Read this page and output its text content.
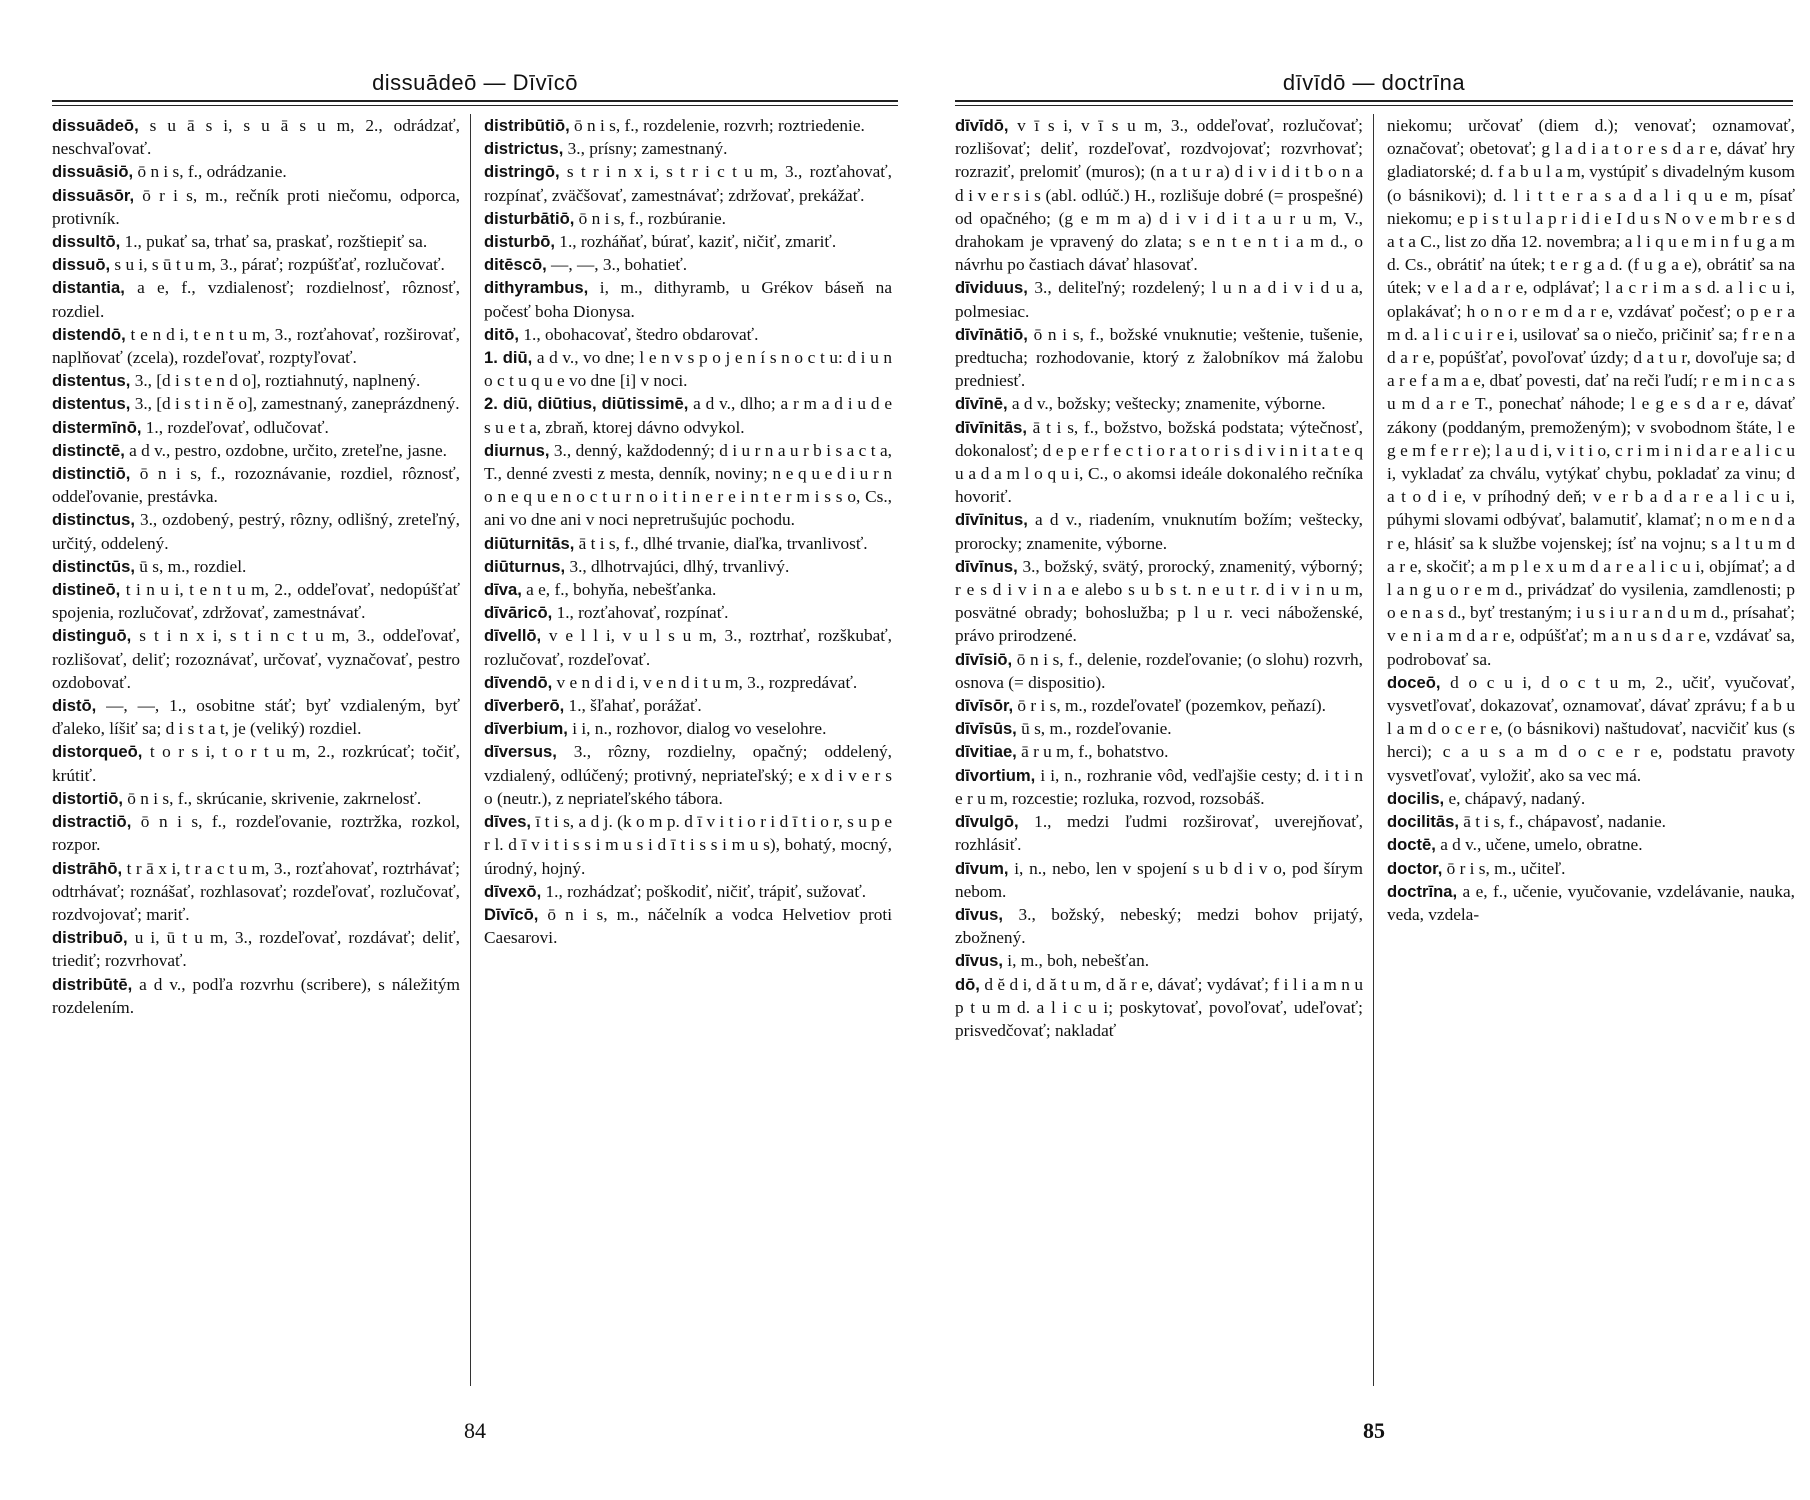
dissuādeō — Dīvīcō

dissuādeō, s u ā s i, s u ā s u m, 2., odrádzať, neschvaľovať.

dissuāsiō, ō n i s, f., odrádzanie.

dissuāsōr, ō r i s, m., rečník proti niečomu, odporca, protivník.

dissultō, 1., pukať sa, trhať sa, praskať, rozštiepiť sa.

dissuō, s u i, s ū t u m, 3., párať; rozpúšťať, rozlučovať.

distantia, a e, f., vzdialenosť; rozdielnosť, rôznosť, rozdiel.

distendō, t e n d i, t e n t u m, 3., rozťahovať, rozširovať, naplňovať (zcela), rozdeľovať, rozptyľovať.

distentus, 3., [d i s t e n d o], roztiahnutý, naplnený.

distentus, 3., [d i s t i n ĕ o], zamestnaný, zaneprázdnený.

distermīnō, 1., rozdeľovať, odlučovať.

distinctē, a d v., pestro, ozdobne, určito, zreteľne, jasne.

distinctiō, ō n i s, f., rozoznávanie, rozdiel, rôznosť, oddeľovanie, prestávka.

distinctus, 3., ozdobený, pestrý, rôzny, odlišný, zreteľný, určitý, oddelený.

distinctūs, ū s, m., rozdiel.

distineō, t i n u i, t e n t u m, 2., oddeľovať, nedopúšťať spojenia, rozlučovať, zdržovať, zamestnávať.

distinguō, s t i n x i, s t i n c t u m, 3., oddeľovať, rozlišovať, deliť; rozoznávať, určovať, vyznačovať, pestro ozdobovať.

distō, —, —, 1., osobitne stáť; byť vzdialeným, byť ďaleko, líšiť sa; d i s t a t, je (veliký) rozdiel.

distorqueō, t o r s i, t o r t u m, 2., rozkrúcať; točiť, krútiť.

distortiō, ō n i s, f., skrúcanie, skrivenie, zakrnelosť.

distractiō, ō n i s, f., rozdeľovanie, roztržka, rozkol, rozpor.

distrāhō, t r ā x i, t r a c t u m, 3., rozťahovať, roztrhávať; odtrhávať; roznášať, rozhlasovať; rozdeľovať, rozlučovať, rozdvojovať; mariť.

distribuō, u i, ū t u m, 3., rozdeľovať, rozdávať; deliť, triediť; rozvrhovať.

distribūtē, a d v., podľa rozvrhu (scribere), s náležitým rozdelením.

distribūtiō, ō n i s, f., rozdelenie, rozvrh; roztriedenie.

districtus, 3., prísny; zamestnaný.

distringō, s t r i n x i, s t r i c t u m, 3., rozťahovať, rozpínať, zväčšovať, zamestnávať; zdržovať, prekážať.

disturbātiō, ō n i s, f., rozbúranie.

disturbō, 1., rozháňať, búrať, kaziť, ničiť, zmariť.

ditēscō, —, —, 3., bohatieť.

dithyrambus, i, m., dithyramb, u Grékov báseň na počesť boha Dionysa.

ditō, 1., obohacovať, štedro obdarovať.

1. diū, a d v., vo dne; l e n v s p o j e n í s n o c t u: d i u n o c t u q u e vo dne [i] v noci.

2. diū, diūtius, diūtissimē, a d v., dlho; a r m a d i u d e s u e t a, zbraň, ktorej dávno odvykol.

diurnus, 3., denný, každodenný; d i u r n a u r b i s a c t a, T., denné zvesti z mesta, denník, noviny; n e q u e d i u r n o n e q u e n o c t u r n o i t i n e r e i n t e r m i s s o, Cs., ani vo dne ani v noci nepretrušujúc pochodu.

diūturnitās, ā t i s, f., dlhé trvanie, diaľka, trvanlivosť.

diūturnus, 3., dlhotrvajúci, dlhý, trvanlivý.

dīva, a e, f., bohyňa, nebešťanka.

dīvāricō, 1., rozťahovať, rozpínať.

dīvellō, v e l l i, v u l s u m, 3., roztrhať, rozškubať, rozlučovať, rozdeľovať.

dīvendō, v e n d i d i, v e n d i t u m, 3., rozpredávať.

dīverberō, 1., šľahať, porážať.

dīverbium, i i, n., rozhovor, dialog vo veselohre.

dīversus, 3., rôzny, rozdielny, opačný; oddelený, vzdialený, odlúčený; protivný, nepriateľský; e x d i v e r s o (neutr.), z nepriateľského tábora.

dīves, ī t i s, a d j. (k o m p. d ī v i t i o r i d ī t i o r, s u p e r l. d ī v i t i s s i m u s i d ī t i s s i m u s), bohatý, mocný, úrodný, hojný.

dīvexō, 1., rozhádzať; poškodiť, ničiť, trápiť, sužovať.

Dīvīcō, ō n i s, m., náčelník a vodca Helvetiov proti Caesarovi.

84
dīvīdō — doctrīna

dīvīdō, v ī s i, v ī s u m, 3., oddeľovať, rozlučovať; rozlišovať; deliť, rozdeľovať, rozdvojovať; rozvrhovať; rozraziť, prelomiť (muros); (n a t u r a) d i v i d i t b o n a d i v e r s i s (abl. odlúč.) H., rozlišuje dobré (= prospešné) od opačného; (g e m m a) d i v i d i t a u r u m, V., drahokam je vpravený do zlata; s e n t e n t i a m d., o návrhu po častiach dávať hlasovať.

dīviduus, 3., deliteľný; rozdelený; l u n a d i v i d u a, polmesiac.

dīvīnātiō, ō n i s, f., božské vnuknutie; veštenie, tušenie, predtucha; rozhodovanie, ktorý z žalobníkov má žalobu predniesť.

dīvīnē, a d v., božsky; veštecky; znamenite, výborne.

dīvīnitās, ā t i s, f., božstvo, božská podstata; výtečnosť, dokonalosť; d e p e r f e c t i o r a t o r i s d i v i n i t a t e q u a d a m l o q u i, C., o akomsi ideále dokonalého rečníka hovoriť.

dīvīnitus, a d v., riadením, vnuknutím božím; veštecky, prorocky; znamenite, výborne.

dīvīnus, 3., božský, svätý, prorocký, znamenitý, výborný; r e s d i v i n a e alebo s u b s t. n e u t r. d i v i n u m, posvätné obrady; bohoslužba; p l u r. veci náboženské, právo prirodzené.

dīvīsiō, ō n i s, f., delenie, rozdeľovanie; (o slohu) rozvrh, osnova (= dispositio).

dīvīsōr, ō r i s, m., rozdeľovateľ (pozemkov, peňazí).

dīvīsūs, ū s, m., rozdeľovanie.

dīvitiae, ā r u m, f., bohatstvo.

dīvortium, i i, n., rozhranie vôd, vedľajšie cesty; d. i t i n e r u m, rozcestie; rozluka, rozvod, rozsobáš.

dīvulgō, 1., medzi ľudmi rozširovať, uverejňovať, rozhlásiť.

dīvum, i, n., nebo, len v spojení s u b d i v o, pod šírym nebom.

dīvus, 3., božský, nebeský; medzi bohov prijatý, zbožnený.

dīvus, i, m., boh, nebešťan.

dō, d ĕ d i, d ă t u m, d ă r e, dávať; vydávať; f i l i a m n u p t u m d. a l i c u i; poskytovať, povoľovať, udeľovať; prisvedčovať; nakladať

niekomu; určovať (diem d.); venovať; oznamovať, označovať; obetovať; g l a d i a t o r e s d a r e, dávať hry gladiatorské; d. f a b u l a m, vystúpiť s divadelným kusom (o básnikovi); d. l i t t e r a s a d a l i q u e m, písať niekomu; e p i s t u l a p r i d i e I d u s N o v e m b r e s d a t a C., list zo dňa 12. novembra; a l i q u e m i n f u g a m d. Cs., obrátiť na útek; t e r g a d. (f u g a e), obrátiť sa na útek; v e l a d a r e, odplávať; l a c r i m a s d. a l i c u i, oplakávať; h o n o r e m d a r e, vzdávať počesť; o p e r a m d. a l i c u i r e i, usilovať sa o niečo, pričiniť sa; f r e n a d a r e, popúšťať, povoľovať úzdy; d a t u r, dovoľuje sa; d a r e f a m a e, dbať povesti, dať na reči ľudí; r e m i n c a s u m d a r e T., ponechať náhode; l e g e s d a r e, dávať zákony (poddaným, premoženým); v svobodnom štáte, l e g e m f e r r e); l a u d i, v i t i o, c r i m i n i d a r e a l i c u i, vykladať za chválu, vytýkať chybu, pokladať za vinu; d a t o d i e, v príhodný deň; v e r b a d a r e a l i c u i, púhymi slovami odbývať, balamutiť, klamať; n o m e n d a r e, hlásiť sa k službe vojenskej; ísť na vojnu; s a l t u m d a r e, skočiť; a m p l e x u m d a r e a l i c u i, objímať; a d l a n g u o r e m d., privádzať do vysilenia, zamdlenosti; p o e n a s d., byť trestaným; i u s i u r a n d u m d., prísahať; v e n i a m d a r e, odpúšťať; m a n u s d a r e, vzdávať sa, podrobovať sa.

doceō, d o c u i, d o c t u m, 2., učiť, vyučovať, vysvetľovať, dokazovať, oznamovať, dávať zprávu; f a b u l a m d o c e r e, (o básnikovi) naštudovať, nacvičiť kus (s herci); c a u s a m d o c e r e, podstatu pravoty vysvetľovať, vyložiť, ako sa vec má.

docilis, e, chápavý, nadaný.

docilitās, ā t i s, f., chápavosť, nadanie.

doctē, a d v., učene, umelo, obratne.

doctor, ō r i s, m., učiteľ.

doctrīna, a e, f., učenie, vyučovanie, vzdelávanie, nauka, veda, vzdela-

85
